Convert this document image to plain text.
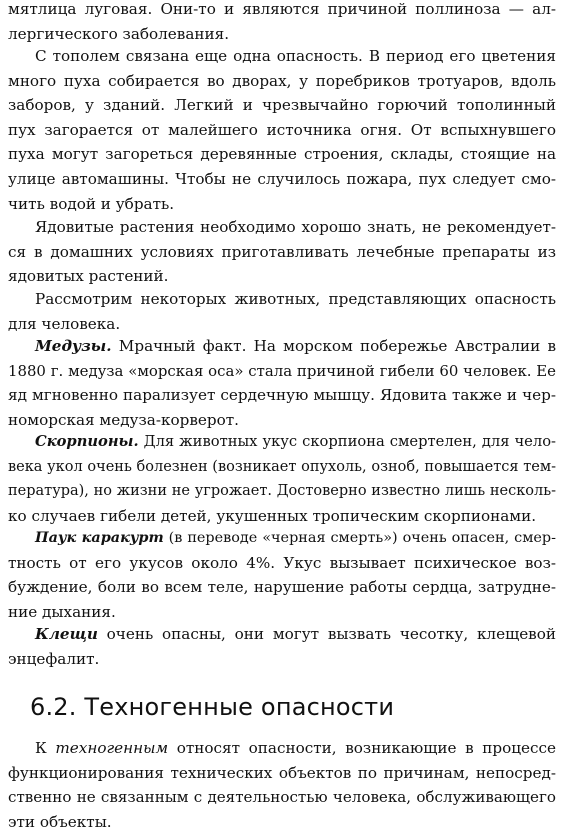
мятлица луговая. Они-то и являются причиной поллиноза — ал-
лергического заболевания.
С тополем связана еще одна опасность. В период его цветения
много пуха собирается во дворах, у поребриков тротуаров, вдоль
заборов, у зданий. Легкий и чрезвычайно горючий тополинный
пух загорается от малейшего источника огня. От вспыхнувшего
пуха могут загореться деревянные строения, склады, стоящие на
улице автомашины. Чтобы не случилось пожара, пух следует смо-
чить водой и убрать.
Ядовитые растения необходимо хорошо знать, не рекомендует-
ся в домашних условиях приготавливать лечебные препараты из
ядовитых растений.
Рассмотрим некоторых животных, представляющих опасность
для человека.
Медузы. Мрачный факт. На морском побережье Австралии в
1880 г. медуза «морская оса» стала причиной гибели 60 человек. Ее
яд мгновенно парализует сердечную мышцу. Ядовита также и чер-
номорская медуза-корверот.
Скорпионы. Для животных укус скорпиона смертелен, для чело-
века укол очень болезнен (возникает опухоль, озноб, повышается тем-
пература), но жизни не угрожает. Достоверно известно лишь несколь-
ко случаев гибели детей, укушенных тропическим скорпионами.
Паук каракурт (в переводе «черная смерть») очень опасен, смер-
тность от его укусов около 4%. Укус вызывает психическое воз-
буждение, боли во всем теле, нарушение работы сердца, затрудне-
ние дыхания.
Клещи очень опасны, они могут вызвать чесотку, клещевой
энцефалит.
К техногенным относят опасности, возникающие в процессе
функционирования технических объектов по причинам, непосред-
ственно не связанным с деятельностью человека, обслуживающего
эти объекты.
6.2. Техногенные опасности
